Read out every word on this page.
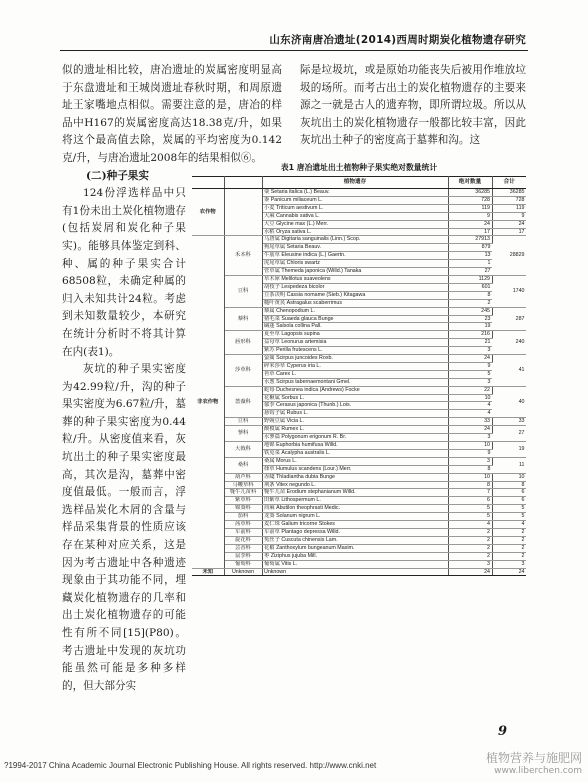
山东济南唐冶遗址(2014)西周时期炭化植物遗存研究

似的遗址相比较，唐冶遗址的炭属密度明显高于东盘遗址和王城岗遗址春秋时期，和周原遗址王家嘴地点相似。需要注意的是，唐冶的样品中H167的炭属密度高达18.38克/升，如果将这个最高值去除，炭属的平均密度为0.142克/升，与唐冶遗址2008年的结果相似⑥。

(二)种子果实

124份浮选样品中只有1份未出土炭化植物遗存(包括炭屑和炭化种子果实)。能够具体鉴定到科、种、属的种子果实合计68508粒，未确定种属的归入未知共计24粒。考虑到未知数量较少，本研究在统计分析时不将其计算在内(表1)。

灰坑的种子果实密度为42.99粒/升，沟的种子果实密度为6.67粒/升，墓葬的种子果实密度为0.44粒/升。从密度值来看，灰坑出土的种子果实密度最高，其次是沟，墓葬中密度值最低。一般而言，浮选样品炭化木屑的含量与样品采集背景的性质应该存在某种对应关系，这是因为考古遗址中各种遗迹现象由于其功能不同，埋藏炭化植物遗存的几率和出土炭化植物遗存的可能性有所不同[15](P80)。考古遗址中发现的灰坑功能虽然可能是多种多样的，但大部分实

际是垃圾坑，或是原始功能丧失后被用作堆放垃圾的场所。而考古出土的炭化植物遗存的主要来源之一就是古人的遗弃物，即所谓垃圾。所以从灰坑出土的炭化植物遗存一般都比较丰富，因此灰坑出土种子的密度高于墓葬和沟。这

表1 唐冶遗址出土植物种子果实绝对数量统计
		植物遗存	绝对数量	合计
农作物		粟 Setaria italica (L.) Beauv.	36285	36285
		黍 Panicum miliaceum L.	728	728
		小麦 Triticum aestivum L.	119	119
		大麻 Cannabis sativa L.	9	9
		大豆 Glycine max (L.) Merr.	24	24
		水稻 Oryza sativa L.	17	17
非农作物	禾本科	马唐属 Digitaria sanguinalis (Linn.) Scop.	27913	28829
		狗尾草属 Setaria Beauv.	879	
		牛筋草 Eleusine indica (L.) Gaertn.	13	
		虎尾草属 Chloris swartz	1	
		菅草属 Themeda japonica (Willd.) Tanaka	27	
	豆科	草木犀 Melilotus suaveolens	1129	1740
		胡枝子 Lespedeza bicolor	601	
		豆茶决明 Cassia nomame (Sieb.) Kitagawa	8	
		糙叶黄芪 Astragalus scaberrimus	2	
	藜科	藜属 Chenopodium L.	245	287
		猪毛菜 Suaeda glauca Bunge	23	
		碱蓬 Salsola collina Pall.	19	
	唇形科	夏至草 Lagopsis supina	216	240
		益母草 Leonurus artemisia	21	
		紫苏 Perilla frutescens L.	3	
	莎草科	萤蔺 Scirpus juncoides Roxb.	24	41
		碎米莎草 Cyperus iria L.	9	
		苔草 Carex L.	5	
		水葱 Scirpus tabernaemontani Gmel.	3	
	蔷薇科	蛇莓 Duchesnea indica (Andrews) Focke	22	40
		花楸属 Sorbus L.	10	
		郁李 Cerasus japonica (Thunb.) Lois.	4	
		悬钩子属 Rubus L.	4	
	豆科	野豌豆属 Vicia L.	33	33
	蓼科	酸模属 Rumex L.	24	27
		水蓼萹 Polygonum erigonum R. Br.	3	
	大戟科	地锦 Euphorbia humifusa Willd.	10	19
		铁苋菜 Acalypha australis L.	9	
	桑科	桑属 Morus L.	3	11
		葎草 Humulus scandens (Lour.) Merr.	8	
	葫芦科	赤瓟 Thladiantha dubia Bunge	10	10
	马鞭草科	荆条 Vitex negundo L.	8	8
	牻牛儿苗科	牻牛儿苗 Erodium stephanianum Willd.	7	6
	紫草科	田紫草 Lithospermum L.	6	6
	锦葵科	苘麻 Abutilon theophrasti Medic.	5	5
	茄科	龙葵 Solanum nigrum L.	5	5
	茜草科	麦仁珠 Galium tricorne Stokes	4	4
	车前科	车前草 Plantago depressa Willd.	2	2
	旋花科	菟丝子 Cuscuta chinensis Lam.	2	2
	芸香科	花椒 Zanthoxylum bungeanum Maxim.	2	2
	鼠李科	枣 Ziziphus jujuba Mill.	2	2
	葡萄科	葡萄属 Vitis L.	3	3
未知	Unknown	Unknown	24	24
9
?1994-2017 China Academic Journal Electronic Publishing House. All rights reserved. http://www.cnki.net
植物营养与施肥网
www.liberchen.com
